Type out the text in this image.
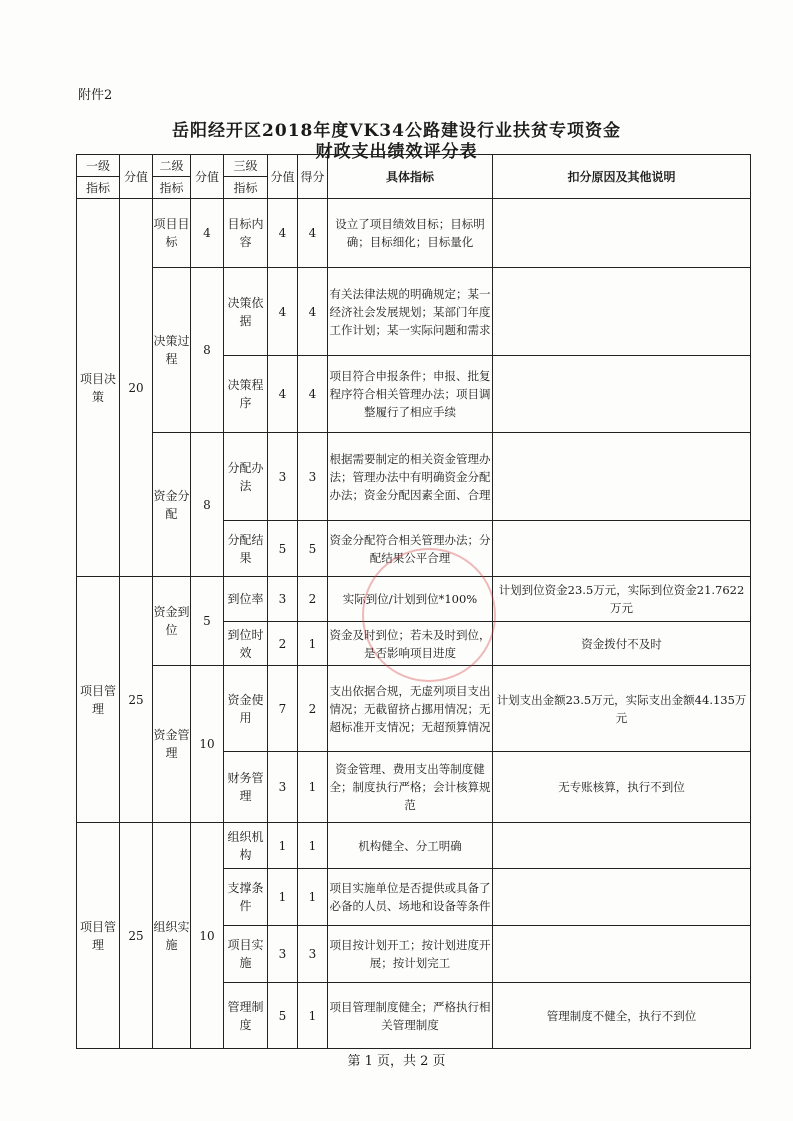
附件2
岳阳经开区2018年度VK34公路建设行业扶贫专项资金
财政支出绩效评分表
一级	分值	二级	分值	三级	分值	得分	具体指标	扣分原因及其他说明
指标		指标		指标				
项目决策	20	项目目标	4	目标内容	4	4	设立了项目绩效目标；目标明确；目标细化；目标量化	
		决策过程	8	决策依据	4	4	有关法律法规的明确规定；某一经济社会发展规划；某部门年度工作计划；某一实际问题和需求	
				决策程序	4	4	项目符合申报条件；申报、批复程序符合相关管理办法；项目调整履行了相应手续	
		资金分配	8	分配办法	3	3	根据需要制定的相关资金管理办法；管理办法中有明确资金分配办法；资金分配因素全面、合理	
				分配结果	5	5	资金分配符合相关管理办法；分配结果公平合理	
项目管理	25	资金到位	5	到位率	3	2	实际到位/计划到位*100%	计划到位资金23.5万元，实际到位资金21.7622万元
				到位时效	2	1	资金及时到位；若未及时到位，是否影响项目进度	资金拨付不及时
		资金管理	10	资金使用	7	2	支出依据合规，无虚列项目支出情况；无截留挤占挪用情况；无超标准开支情况；无超预算情况	计划支出金额23.5万元，实际支出金额44.135万元
				财务管理	3	1	资金管理、费用支出等制度健全；制度执行严格；会计核算规范	无专账核算，执行不到位
项目管理	25	组织实施	10	组织机构	1	1	机构健全、分工明确	
				支撑条件	1	1	项目实施单位是否提供或具备了必备的人员、场地和设备等条件	
				项目实施	3	3	项目按计划开工；按计划进度开展；按计划完工	
				管理制度	5	1	项目管理制度健全；严格执行相关管理制度	管理制度不健全，执行不到位
第 1 页，共 2 页
